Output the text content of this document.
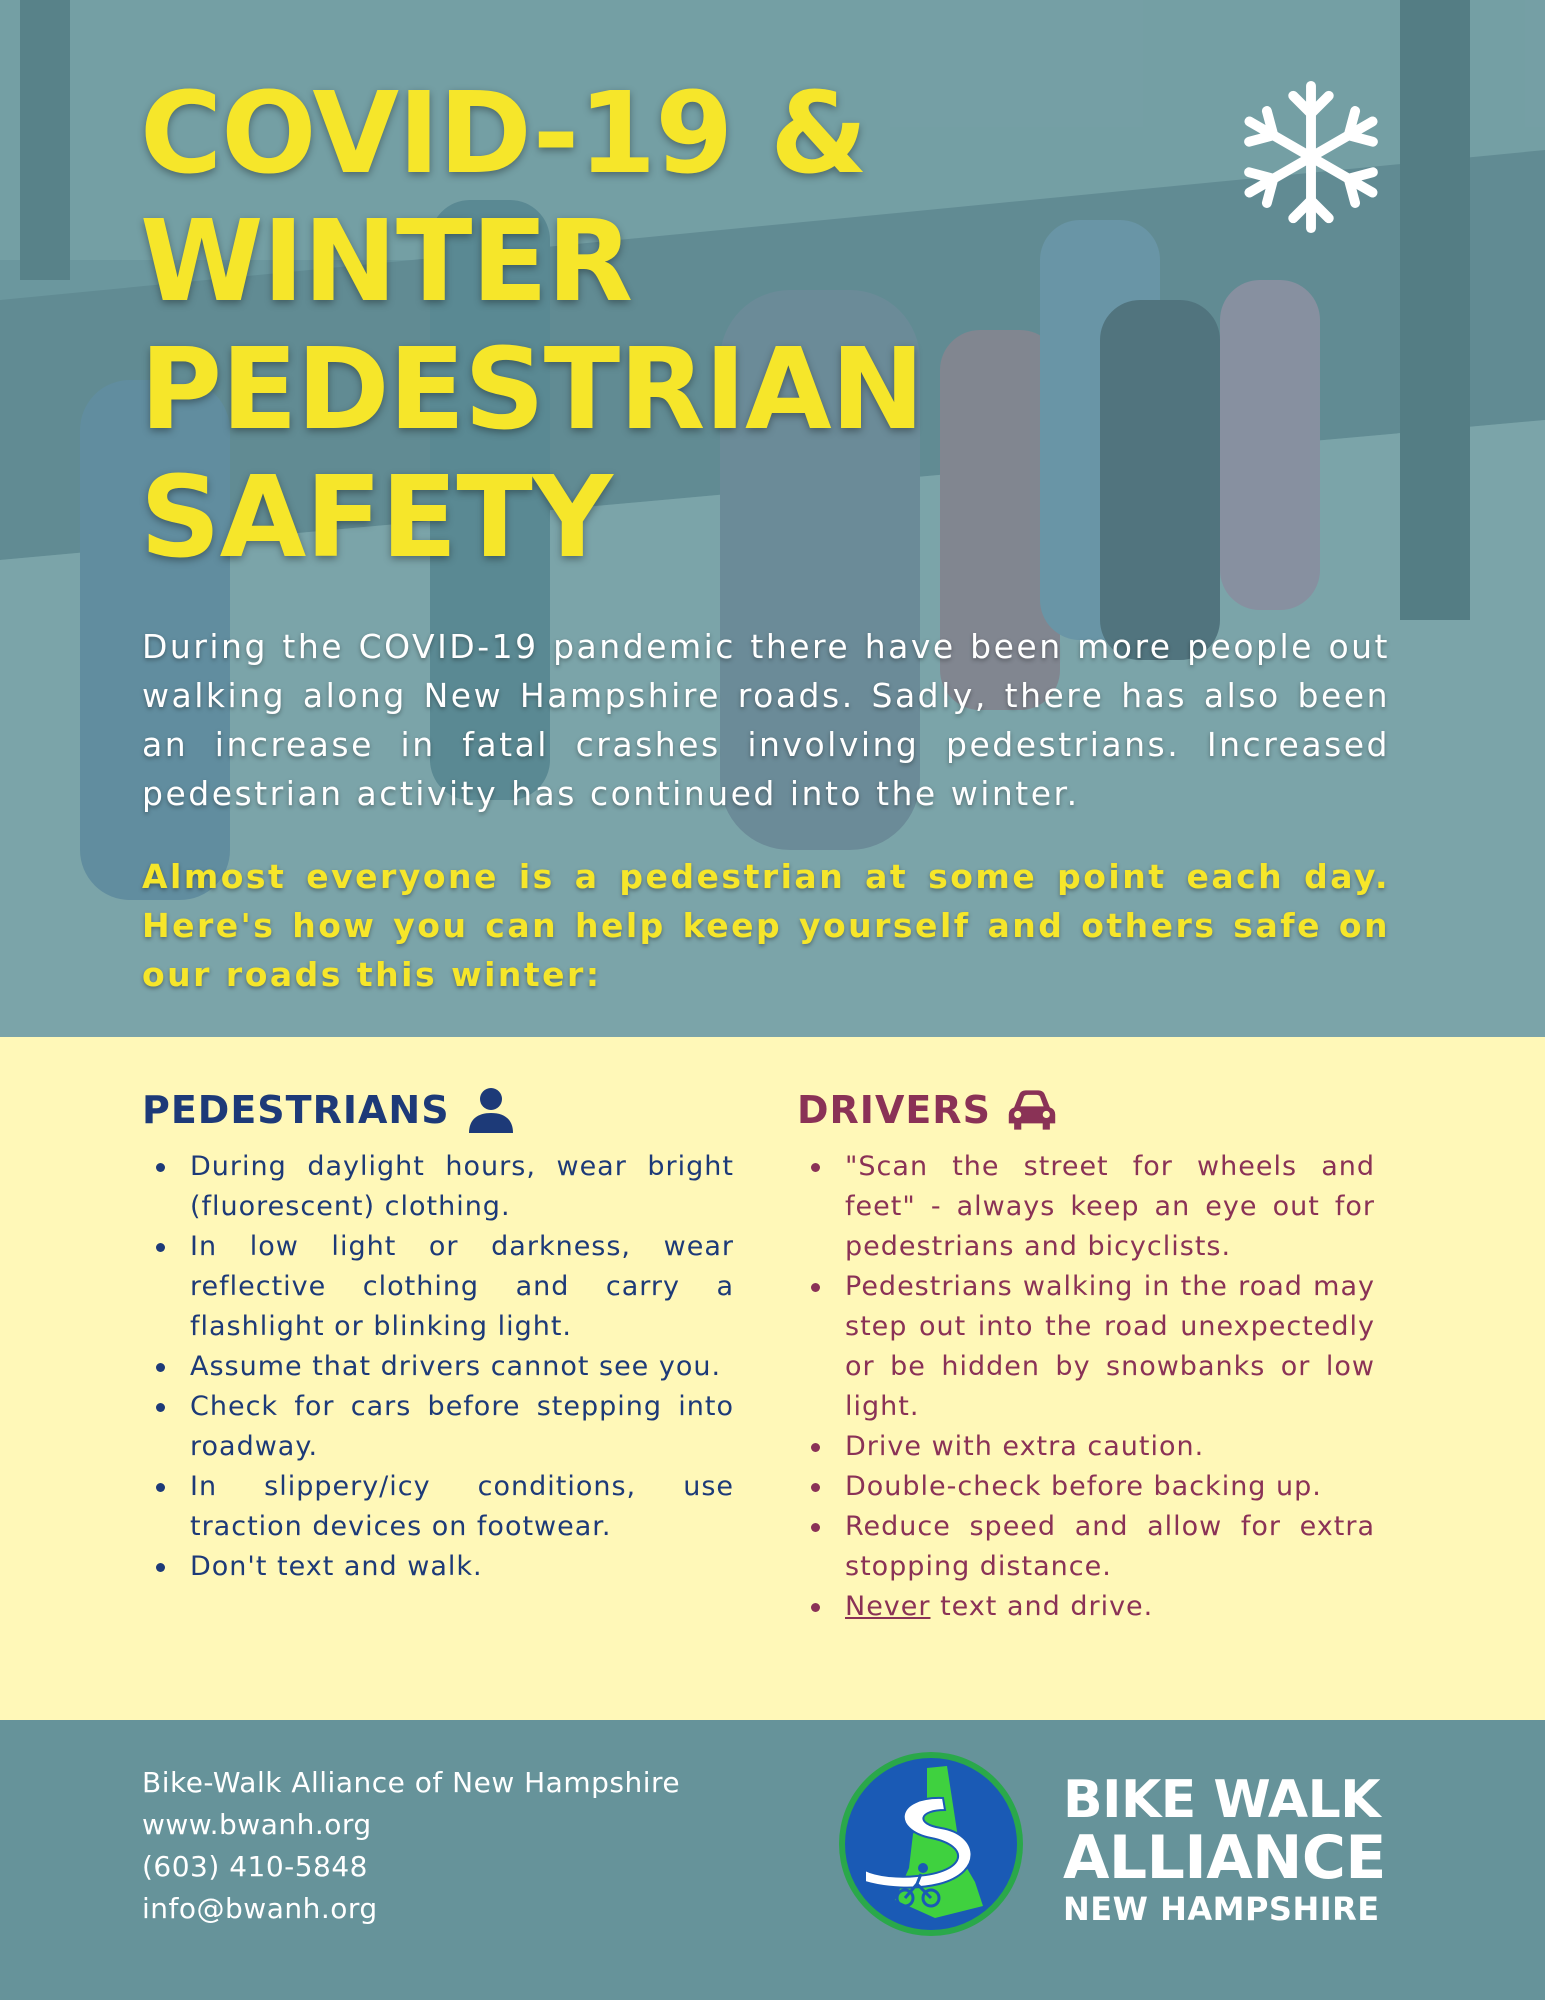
COVID-19 &
WINTER
PEDESTRIAN
SAFETY

During the COVID-19 pandemic there have been more people out walking along New Hampshire roads. Sadly, there has also been an increase in fatal crashes involving pedestrians. Increased pedestrian activity has continued into the winter.

Almost everyone is a pedestrian at some point each day. Here's how you can help keep yourself and others safe on our roads this winter:

PEDESTRIANS
During daylight hours, wear bright (fluorescent) clothing.
In low light or darkness, wear reflective clothing and carry a flashlight or blinking light.
Assume that drivers cannot see you.
Check for cars before stepping into roadway.
In slippery/icy conditions, use traction devices on footwear.
Don't text and walk.
DRIVERS
"Scan the street for wheels and feet" - always keep an eye out for pedestrians and bicyclists.
Pedestrians walking in the road may step out into the road unexpectedly or be hidden by snowbanks or low light.
Drive with extra caution.
Double-check before backing up.
Reduce speed and allow for extra stopping distance.
Never text and drive.
Bike-Walk Alliance of New Hampshire
www.bwanh.org
(603) 410-5848
info@bwanh.org
BIKE WALK
ALLIANCE
NEW HAMPSHIRE
